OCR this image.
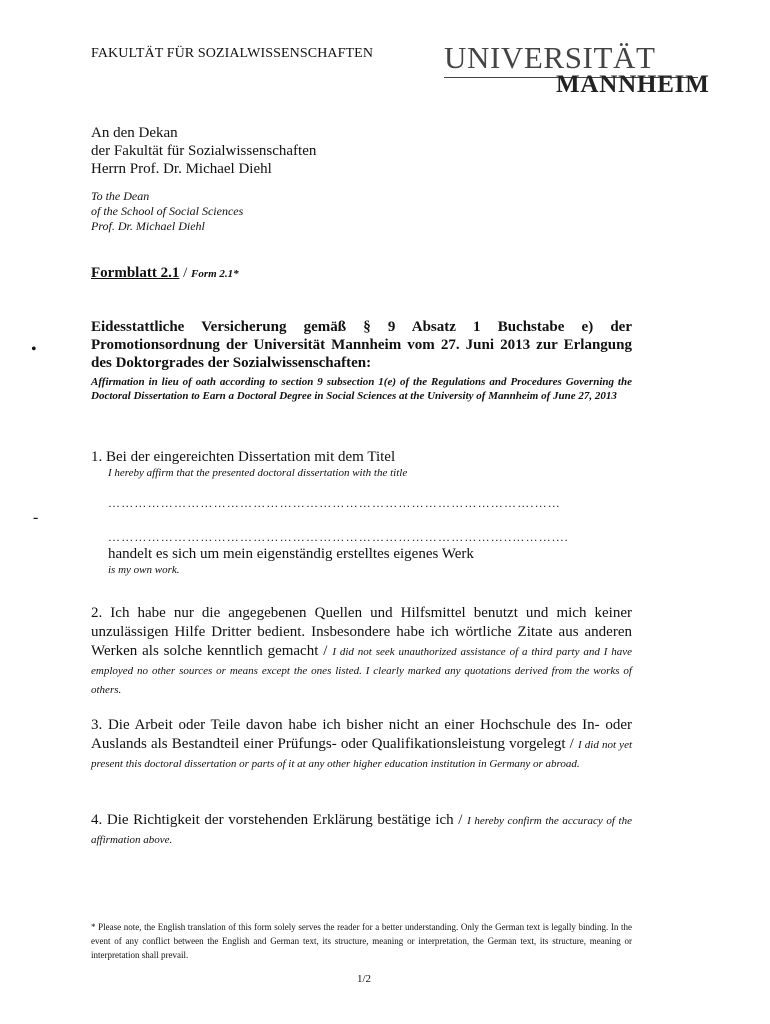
FAKULTÄT FÜR SOZIALWISSENSCHAFTEN UNIVERSITÄT
MANNHEIM
An den Dekan
der Fakultät für Sozialwissenschaften
Herrn Prof. Dr. Michael Diehl
To the Dean
of the School of Social Sciences
Prof. Dr. Michael Diehl
Formblatt 2.1 / Form 2.1*
•
-
Eidesstattliche Versicherung gemäß § 9 Absatz 1 Buchstabe e) der Promotionsordnung der Universität Mannheim vom 27. Juni 2013 zur Erlangung des Doktorgrades der Sozialwissenschaften:
Affirmation in lieu of oath according to section 9 subsection 1(e) of the Regulations and Procedures Governing the Doctoral Dissertation to Earn a Doctoral Degree in Social Sciences at the University of Mannheim of June 27, 2013
1. Bei der eingereichten Dissertation mit dem Titel
I hereby affirm that the presented doctoral dissertation with the title
…………………………………………………………………………………….……
………………………………………………………………………………..………....
handelt es sich um mein eigenständig erstelltes eigenes Werk
is my own work.
2. Ich habe nur die angegebenen Quellen und Hilfsmittel benutzt und mich keiner unzulässigen Hilfe Dritter bedient. Insbesondere habe ich wörtliche Zitate aus anderen Werken als solche kenntlich gemacht / I did not seek unauthorized assistance of a third party and I have employed no other sources or means except the ones listed. I clearly marked any quotations derived from the works of others.
3. Die Arbeit oder Teile davon habe ich bisher nicht an einer Hochschule des In- oder Auslands als Bestandteil einer Prüfungs- oder Qualifikationsleistung vorgelegt / I did not yet present this doctoral dissertation or parts of it at any other higher education institution in Germany or abroad.
4. Die Richtigkeit der vorstehenden Erklärung bestätige ich / I hereby confirm the accuracy of the affirmation above.
* Please note, the English translation of this form solely serves the reader for a better understanding. Only the German text is legally binding. In the event of any conflict between the English and German text, its structure, meaning or interpretation, the German text, its structure, meaning or interpretation shall prevail.
1/2
